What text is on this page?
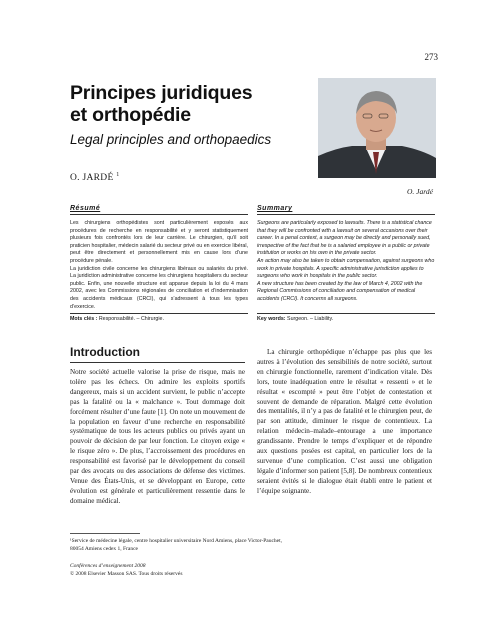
273
Principes juridiques
et orthopédie
Legal principles and orthopaedics
O. JARDÉ $^1$
O. Jardé
Résumé

Les chirurgiens orthopédistes sont particulièrement exposés aux procédures de recherche en responsabilité et y seront statistiquement plusieurs fois confrontés lors de leur carrière. Le chirurgien, qu’il soit praticien hospitalier, médecin salarié du secteur privé ou en exercice libéral, peut être directement et personnellement mis en cause lors d’une procédure pénale.

La juridiction civile concerne les chirurgiens libéraux ou salariés du privé. La juridiction administrative concerne les chirurgiens hospitaliers du secteur public. Enfin, une nouvelle structure est apparue depuis la loi du 4 mars 2002, avec les Commissions régionales de conciliation et d’indemnisation des accidents médicaux (CRCI), qui s’adressent à tous les types d’exercice.

Mots clés : Responsabilité. – Chirurgie.
Summary

Surgeons are particularly exposed to lawsuits. There is a statistical chance that they will be confronted with a lawsuit on several occasions over their career. In a penal context, a surgeon may be directly and personally sued, irrespective of the fact that he is a salaried employee in a public or private institution or works on his own in the private sector.

An action may also be taken to obtain compensation, against surgeons who work in private hospitals. A specific administrative jurisdiction applies to surgeons who work in hospitals in the public sector.

A new structure has been created by the law of March 4, 2002 with the Regional Commissions of conciliation and compensation of medical accidents (CRCI). It concerns all surgeons.

Key words: Surgeon. – Liability.
Introduction
Notre société actuelle valorise la prise de risque, mais ne tolère pas les échecs. On admire les exploits sportifs dangereux, mais si un accident survient, le public n’accepte pas la fatalité ou la « malchance ». Tout dommage doit forcément résulter d’une faute [1]. On note un mouvement de la population en faveur d’une recherche en responsabilité systématique de tous les acteurs publics ou privés ayant un pouvoir de décision de par leur fonction. Le citoyen exige « le risque zéro ». De plus, l’accroissement des procédures en responsabilité est favorisé par le développement du conseil par des avocats ou des associations de défense des victimes. Venue des États-Unis, et se développant en Europe, cette évolution est générale et particulièrement ressentie dans le domaine médical.
La chirurgie orthopédique n’échappe pas plus que les autres à l’évolution des sensibilités de notre société, surtout en chirurgie fonctionnelle, rarement d’indication vitale. Dès lors, toute inadéquation entre le résultat « ressenti » et le résultat « escompté » peut être l’objet de contestation et souvent de demande de réparation. Malgré cette évolution des mentalités, il n’y a pas de fatalité et le chirurgien peut, de par son attitude, diminuer le risque de contentieux. La relation médecin–malade–entourage a une importance grandissante. Prendre le temps d’expliquer et de répondre aux questions posées est capital, en particulier lors de la survenue d’une complication. C’est aussi une obligation légale d’informer son patient [5,8]. De nombreux contentieux seraient évités si le dialogue était établi entre le patient et l’équipe soignante.
¹Service de médecine légale, centre hospitalier universitaire Nord Amiens, place Victor-Pauchet,
80054 Amiens cedex 1, France
Conférences d’enseignement 2008
© 2008 Elsevier Masson SAS. Tous droits réservés
